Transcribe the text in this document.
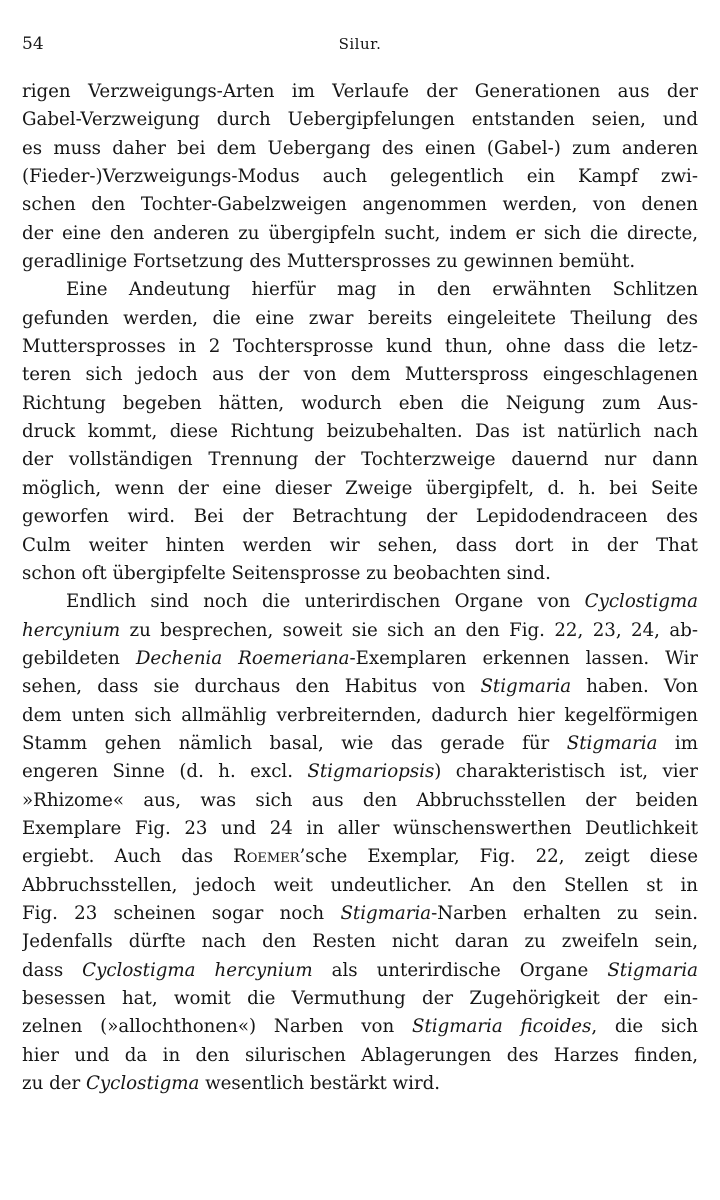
54	Silur.
rigen Verzweigungs-Arten im Verlaufe der Generationen aus der
Gabel-Verzweigung durch Uebergipfelungen entstanden seien, und
es muss daher bei dem Uebergang des einen (Gabel-) zum anderen
(Fieder-)Verzweigungs-Modus auch gelegentlich ein Kampf zwi-
schen den Tochter-Gabelzweigen angenommen werden, von denen
der eine den anderen zu übergipfeln sucht, indem er sich die directe,
geradlinige Fortsetzung des Muttersprosses zu gewinnen bemüht.
Eine Andeutung hierfür mag in den erwähnten Schlitzen
gefunden werden, die eine zwar bereits eingeleitete Theilung des
Muttersprosses in 2 Tochtersprosse kund thun, ohne dass die letz-
teren sich jedoch aus der von dem Mutterspross eingeschlagenen
Richtung begeben hätten, wodurch eben die Neigung zum Aus-
druck kommt, diese Richtung beizubehalten. Das ist natürlich nach
der vollständigen Trennung der Tochterzweige dauernd nur dann
möglich, wenn der eine dieser Zweige übergipfelt, d. h. bei Seite
geworfen wird. Bei der Betrachtung der Lepidodendraceen des
Culm weiter hinten werden wir sehen, dass dort in der That
schon oft übergipfelte Seitensprosse zu beobachten sind.
Endlich sind noch die unterirdischen Organe von Cyclostigma
hercynium zu besprechen, soweit sie sich an den Fig. 22, 23, 24, ab-
gebildeten Dechenia Roemeriana-Exemplaren erkennen lassen. Wir
sehen, dass sie durchaus den Habitus von Stigmaria haben. Von
dem unten sich allmählig verbreiternden, dadurch hier kegelförmigen
Stamm gehen nämlich basal, wie das gerade für Stigmaria im
engeren Sinne (d. h. excl. Stigmariopsis) charakteristisch ist, vier
»Rhizome« aus, was sich aus den Abbruchsstellen der beiden
Exemplare Fig. 23 und 24 in aller wünschenswerthen Deutlichkeit
ergiebt. Auch das Roemer’sche Exemplar, Fig. 22, zeigt diese
Abbruchsstellen, jedoch weit undeutlicher. An den Stellen st in
Fig. 23 scheinen sogar noch Stigmaria-Narben erhalten zu sein.
Jedenfalls dürfte nach den Resten nicht daran zu zweifeln sein,
dass Cyclostigma hercynium als unterirdische Organe Stigmaria
besessen hat, womit die Vermuthung der Zugehörigkeit der ein-
zelnen (»allochthonen«) Narben von Stigmaria ficoides, die sich
hier und da in den silurischen Ablagerungen des Harzes finden,
zu der Cyclostigma wesentlich bestärkt wird.
